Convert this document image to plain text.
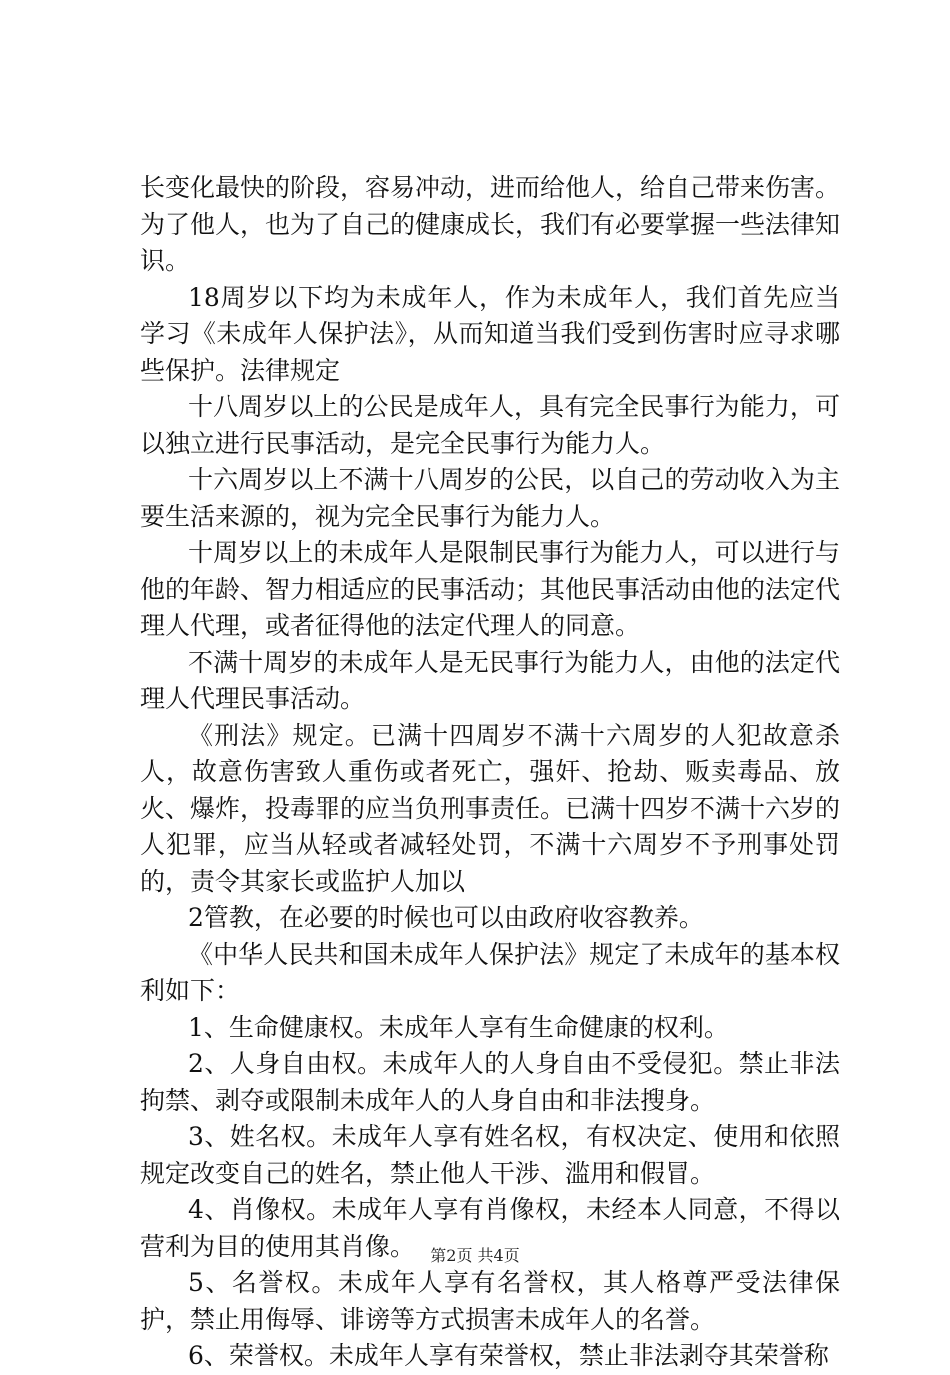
长变化最快的阶段，容易冲动，进而给他人，给自己带来伤害。为了他人，也为了自己的健康成长，我们有必要掌握一些法律知识。

18周岁以下均为未成年人，作为未成年人，我们首先应当学习《未成年人保护法》，从而知道当我们受到伤害时应寻求哪些保护。法律规定

十八周岁以上的公民是成年人，具有完全民事行为能力，可以独立进行民事活动，是完全民事行为能力人。

十六周岁以上不满十八周岁的公民，以自己的劳动收入为主要生活来源的，视为完全民事行为能力人。

十周岁以上的未成年人是限制民事行为能力人，可以进行与他的年龄、智力相适应的民事活动；其他民事活动由他的法定代理人代理，或者征得他的法定代理人的同意。

不满十周岁的未成年人是无民事行为能力人，由他的法定代理人代理民事活动。

《刑法》规定。已满十四周岁不满十六周岁的人犯故意杀人，故意伤害致人重伤或者死亡，强奸、抢劫、贩卖毒品、放火、爆炸，投毒罪的应当负刑事责任。已满十四岁不满十六岁的人犯罪，应当从轻或者减轻处罚，不满十六周岁不予刑事处罚的，责令其家长或监护人加以

2管教，在必要的时候也可以由政府收容教养。

《中华人民共和国未成年人保护法》规定了未成年的基本权利如下：

1、生命健康权。未成年人享有生命健康的权利。

2、人身自由权。未成年人的人身自由不受侵犯。禁止非法拘禁、剥夺或限制未成年人的人身自由和非法搜身。

3、姓名权。未成年人享有姓名权，有权决定、使用和依照规定改变自己的姓名，禁止他人干涉、滥用和假冒。

4、肖像权。未成年人享有肖像权，未经本人同意，不得以营利为目的使用其肖像。

5、名誉权。未成年人享有名誉权，其人格尊严受法律保护，禁止用侮辱、诽谤等方式损害未成年人的名誉。

6、荣誉权。未成年人享有荣誉权，禁止非法剥夺其荣誉称

第2页 共4页
